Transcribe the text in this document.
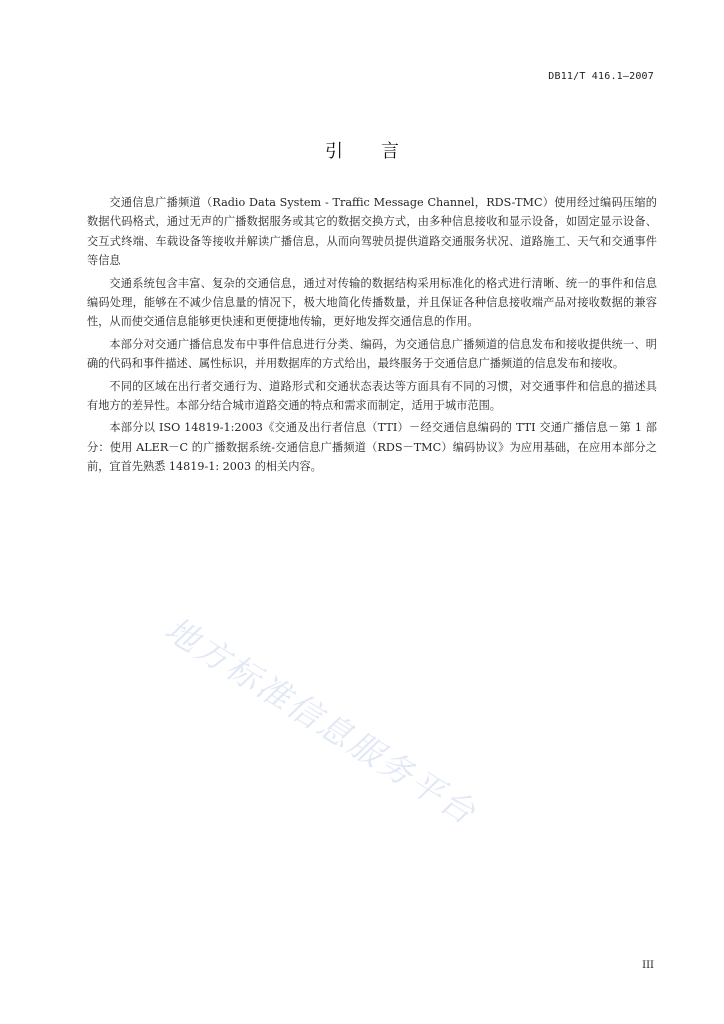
DB11/T 416.1—2007
引言

交通信息广播频道（Radio Data System - Traffic Message Channel，RDS-TMC）使用经过编码压缩的数据代码格式，通过无声的广播数据服务或其它的数据交换方式，由多种信息接收和显示设备，如固定显示设备、交互式终端、车载设备等接收并解读广播信息，从而向驾驶员提供道路交通服务状况、道路施工、天气和交通事件等信息

交通系统包含丰富、复杂的交通信息，通过对传输的数据结构采用标准化的格式进行清晰、统一的事件和信息编码处理，能够在不减少信息量的情况下，极大地简化传播数量，并且保证各种信息接收端产品对接收数据的兼容性，从而使交通信息能够更快速和更便捷地传输，更好地发挥交通信息的作用。

本部分对交通广播信息发布中事件信息进行分类、编码，为交通信息广播频道的信息发布和接收提供统一、明确的代码和事件描述、属性标识，并用数据库的方式给出，最终服务于交通信息广播频道的信息发布和接收。

不同的区域在出行者交通行为、道路形式和交通状态表达等方面具有不同的习惯，对交通事件和信息的描述具有地方的差异性。本部分结合城市道路交通的特点和需求而制定，适用于城市范围。

本部分以 ISO 14819-1:2003《交通及出行者信息（TTI）－经交通信息编码的 TTI 交通广播信息－第 1 部分：使用 ALER－C 的广播数据系统-交通信息广播频道（RDS－TMC）编码协议》为应用基础，在应用本部分之前，宜首先熟悉 14819-1: 2003 的相关内容。

地方标准信息服务平台
III
